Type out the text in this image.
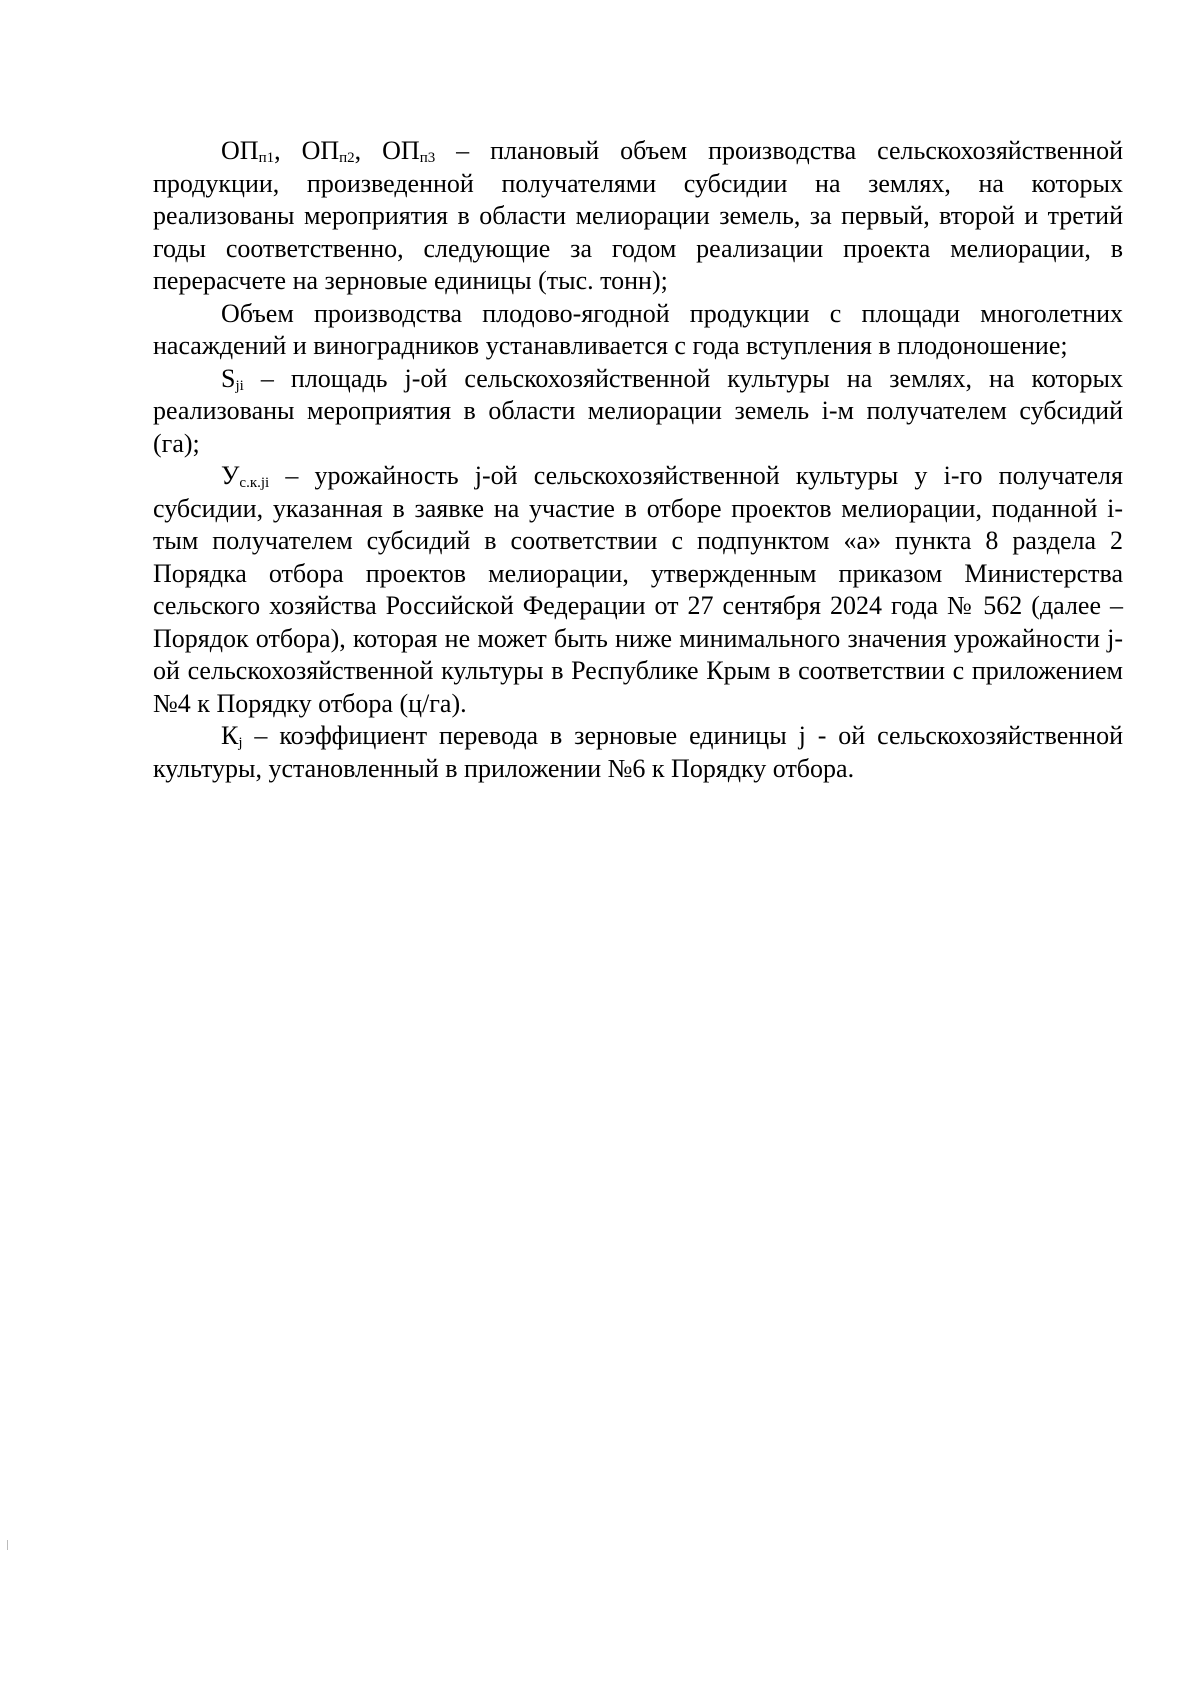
$ОП_{п1}$, $ОП_{п2}$, $ОП_{п3}$ – плановый объем производства сельскохозяйственной продукции, произведенной получателями субсидии на землях, на которых реализованы мероприятия в области мелиорации земель, за первый, второй и третий годы соответственно, следующие за годом реализации проекта мелиорации, в перерасчете на зерновые единицы (тыс. тонн);

Объем производства плодово-ягодной продукции с площади многолетних насаждений и виноградников устанавливается с года вступления в плодоношение;

$S_{ji}$ – площадь j-ой сельскохозяйственной культуры на землях, на которых реализованы мероприятия в области мелиорации земель i-м получателем субсидий (га);

$У_{с.к.ji}$ – урожайность j-ой сельскохозяйственной культуры у i-го получателя субсидии, указанная в заявке на участие в отборе проектов мелиорации, поданной i-тым получателем субсидий в соответствии с подпунктом «а» пункта 8 раздела 2 Порядка отбора проектов мелиорации, утвержденным приказом Министерства сельского хозяйства Российской Федерации от 27 сентября 2024 года № 562 (далее – Порядок отбора), которая не может быть ниже минимального значения урожайности j-ой сельскохозяйственной культуры в Республике Крым в соответствии с приложением №4 к Порядку отбора (ц/га).

$К_j$ – коэффициент перевода в зерновые единицы j - ой сельскохозяйственной культуры, установленный в приложении №6 к Порядку отбора.
